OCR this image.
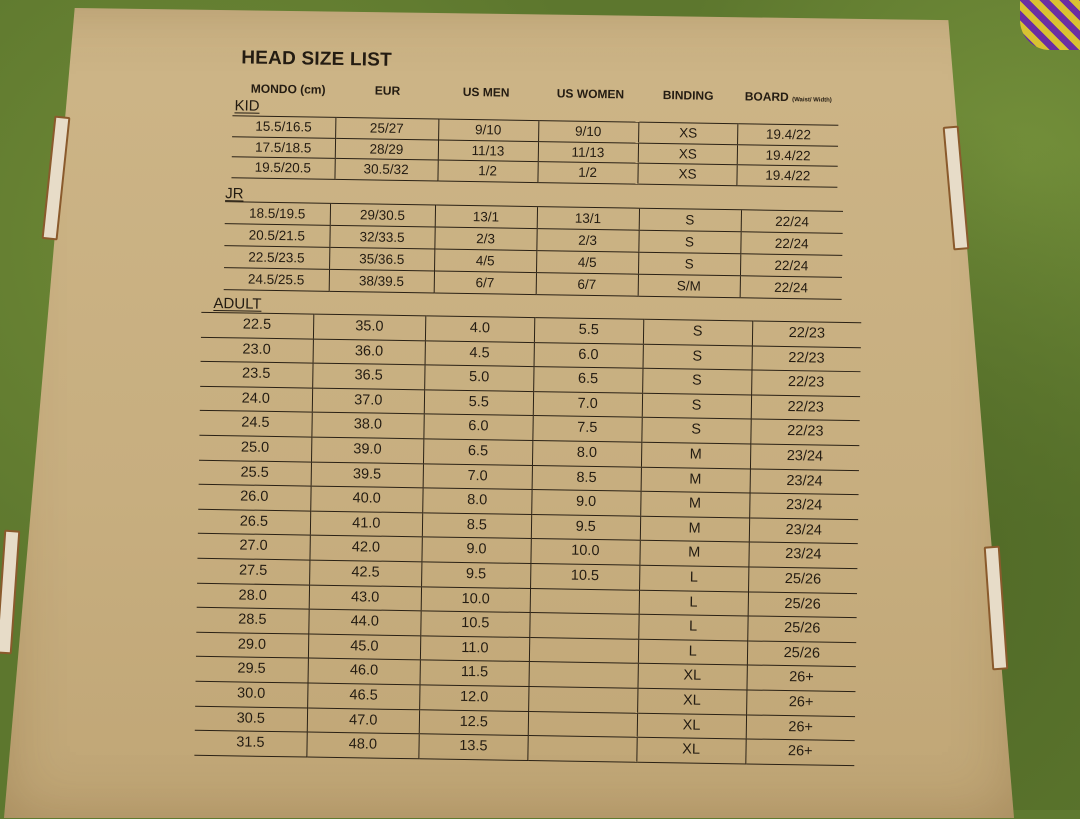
HEAD SIZE LIST
MONDO (cm)	EUR	US MEN	US WOMEN	BINDING	BOARD (Waist/ Width)
KID
15.5/16.5	25/27	9/10	9/10	XS	19.4/22
17.5/18.5	28/29	11/13	11/13	XS	19.4/22
19.5/20.5	30.5/32	1/2	1/2	XS	19.4/22
JR
18.5/19.5	29/30.5	13/1	13/1	S	22/24
20.5/21.5	32/33.5	2/3	2/3	S	22/24
22.5/23.5	35/36.5	4/5	4/5	S	22/24
24.5/25.5	38/39.5	6/7	6/7	S/M	22/24
ADULT
22.5	35.0	4.0	5.5	S	22/23
23.0	36.0	4.5	6.0	S	22/23
23.5	36.5	5.0	6.5	S	22/23
24.0	37.0	5.5	7.0	S	22/23
24.5	38.0	6.0	7.5	S	22/23
25.0	39.0	6.5	8.0	M	23/24
25.5	39.5	7.0	8.5	M	23/24
26.0	40.0	8.0	9.0	M	23/24
26.5	41.0	8.5	9.5	M	23/24
27.0	42.0	9.0	10.0	M	23/24
27.5	42.5	9.5	10.5	L	25/26
28.0	43.0	10.0		L	25/26
28.5	44.0	10.5		L	25/26
29.0	45.0	11.0		L	25/26
29.5	46.0	11.5		XL	26+
30.0	46.5	12.0		XL	26+
30.5	47.0	12.5		XL	26+
31.5	48.0	13.5		XL	26+
